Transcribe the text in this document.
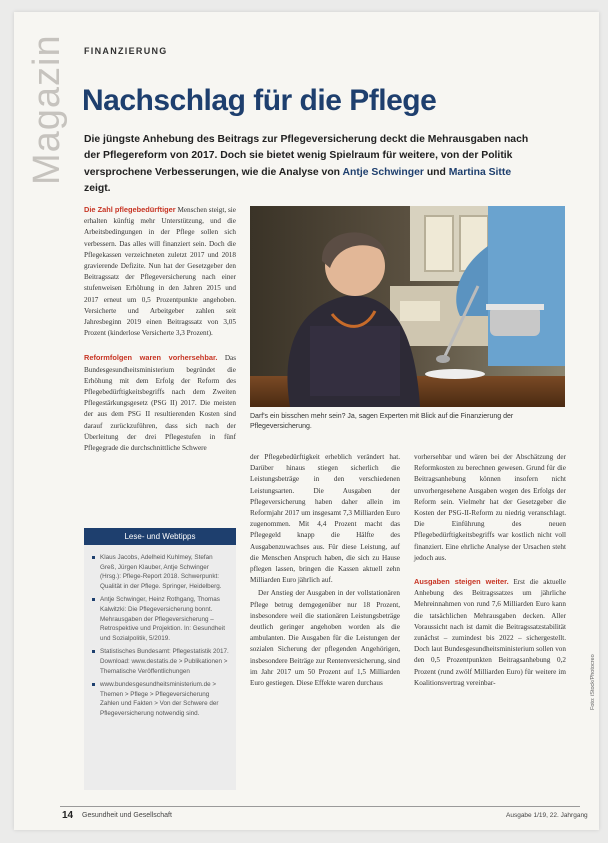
Magazin FINANZIERUNG
Nachschlag für die Pflege
Die jüngste Anhebung des Beitrags zur Pflegeversicherung deckt die Mehrausgaben nach der Pflegereform von 2017. Doch sie bietet wenig Spielraum für weitere, von der Politik versprochene Verbesserungen, wie die Analyse von Antje Schwinger und Martina Sitte zeigt.

Die Zahl pflegebedürftiger Menschen steigt, sie erhalten künftig mehr Unterstützung, und die Arbeitsbedingungen in der Pflege sollen sich verbessern. Das alles will finanziert sein. Doch die Pflegekassen verzeichneten zuletzt 2017 und 2018 gravierende Defizite. Nun hat der Gesetzgeber den Beitragssatz der Pflegeversicherung nach einer stufenweisen Erhöhung in den Jahren 2015 und 2017 erneut um 0,5 Prozentpunkte angehoben. Versicherte und Arbeitgeber zahlen seit Jahresbeginn 2019 einen Beitragssatz von 3,05 Prozent (kinderlose Versicherte 3,3 Prozent).

Reformfolgen waren vorhersehbar. Das Bundesgesundheitsministerium begründet die Erhöhung mit dem Erfolg der Reform des Pflegebedürftigkeitsbegriffs nach dem Zweiten Pflegestärkungsgesetz (PSG II) 2017. Die meisten der aus dem PSG II resultierenden Kosten sind darauf zurückzuführen, dass sich nach der Überleitung der drei Pflegestufen in fünf Pflegegrade die durchschnittliche Schwere

Darf's ein bisschen mehr sein? Ja, sagen Experten mit Blick auf die Finanzierung der Pflegeversicherung.
Lese- und Webtipps
Klaus Jacobs, Adelheid Kuhlmey, Stefan Greß, Jürgen Klauber, Antje Schwinger (Hrsg.): Pflege-Report 2018. Schwerpunkt: Qualität in der Pflege. Springer, Heidelberg.
Antje Schwinger, Heinz Rothgang, Thomas Kalwitzki: Die Pflegeversicherung bonnt. Mehrausgaben der Pflegeversicherung – Retrospektive und Projektion. In: Gesundheit und Sozialpolitik, 5/2019.
Statistisches Bundesamt: Pflegestatistik 2017. Download: www.destatis.de > Publikationen > Thematische Veröffentlichungen
www.bundesgesundheitsministerium.de > Themen > Pflege > Pflegeversicherung Zahlen und Fakten > Von der Schwere der Pflegeversicherung notwendig sind.

der Pflegebedürftigkeit erheblich verändert hat. Darüber hinaus stiegen sicherlich die Leistungsbeträge in den verschiedenen Leistungsarten. Die Ausgaben der Pflegeversicherung haben daher allein im Reformjahr 2017 um insgesamt 7,3 Milliarden Euro zugenommen. Mit 4,4 Prozent macht das Pflegegeld knapp die Hälfte des Ausgabenzuwachses aus. Für diese Leistung, auf die Menschen Anspruch haben, die sich zu Hause pflegen lassen, bringen die Kassen aktuell zehn Milliarden Euro jährlich auf.

Der Anstieg der Ausgaben in der vollstationären Pflege betrug demgegenüber nur 18 Prozent, insbesondere weil die stationären Leistungsbeträge deutlich geringer angehoben worden als die ambulanten. Die Ausgaben für die Leistungen der sozialen Sicherung der pflegenden Angehörigen, insbesondere Beiträge zur Rentenversicherung, sind im Jahr 2017 um 50 Prozent auf 1,5 Milliarden Euro gestiegen. Diese Effekte waren durchaus

vorhersehbar und wären bei der Abschätzung der Reformkosten zu berechnen gewesen. Grund für die Beitragsanhebung können insofern nicht unvorhergesehene Ausgaben wegen des Erfolgs der Reform sein. Vielmehr hat der Gesetzgeber die Kosten der PSG-II-Reform zu niedrig veranschlagt. Die Einführung des neuen Pflegebedürftigkeitsbegriffs war kostlich nicht voll finanziert. Eine ehrliche Analyse der Ursachen steht jedoch aus.

Ausgaben steigen weiter. Erst die aktuelle Anhebung des Beitragssatzes um jährliche Mehreinnahmen von rund 7,6 Milliarden Euro kann die tatsächlichen Mehrausgaben decken. Aller Voraussicht nach ist damit die Beitragssatzstabilität zunächst – zumindest bis 2022 – sichergestellt. Doch laut Bundesgesundheitsministerium sollen von den 0,5 Prozentpunkten Beitragsanhebung 0,2 Prozent (rund zwölf Milliarden Euro) für weitere im Koalitionsvertrag vereinbar-	Foto: iStock/Photocreo
14 Gesundheit und Gesellschaft	Ausgabe 1/19, 22. Jahrgang
